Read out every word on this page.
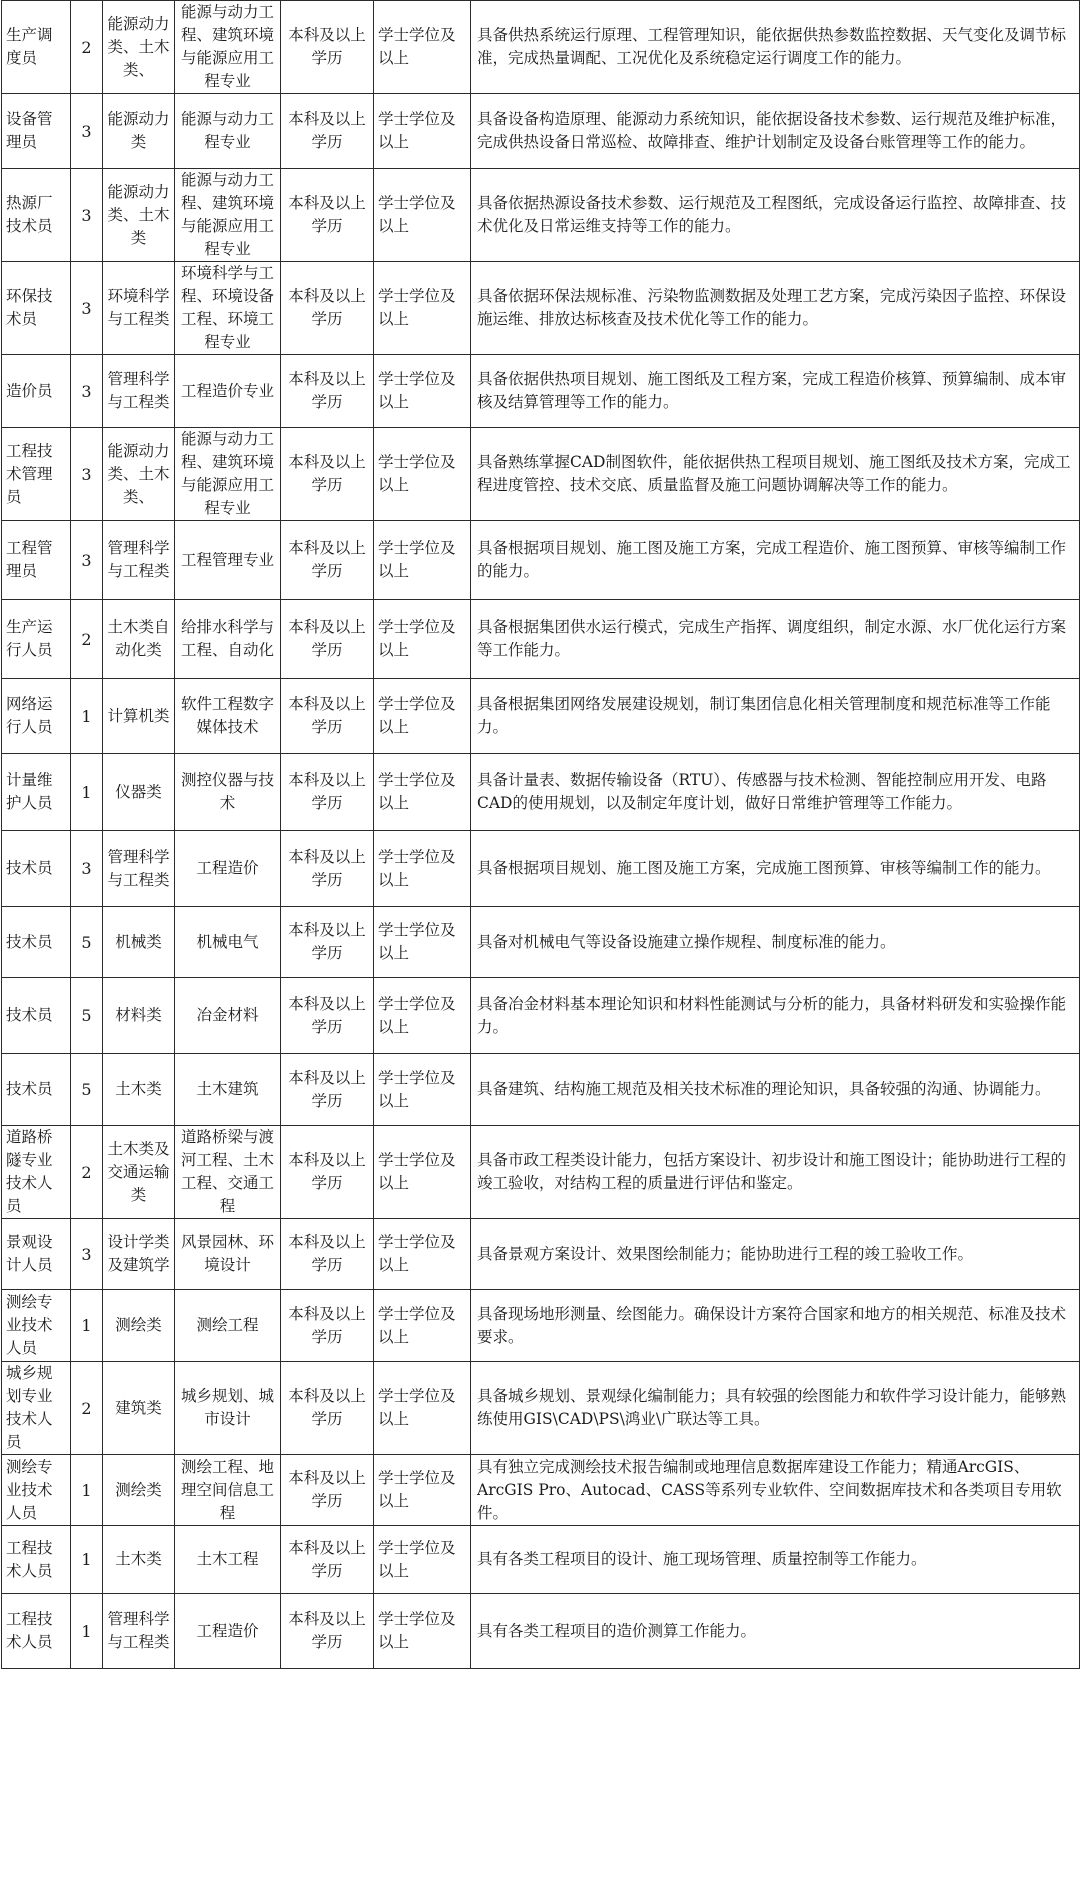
生产调度员	2	能源动力类、土木类、	能源与动力工程、建筑环境与能源应用工程专业	本科及以上学历	学士学位及以上	具备供热系统运行原理、工程管理知识，能依据供热参数监控数据、天气变化及调节标准，完成热量调配、工况优化及系统稳定运行调度工作的能力。
设备管理员	3	能源动力类	能源与动力工程专业	本科及以上学历	学士学位及以上	具备设备构造原理、能源动力系统知识，能依据设备技术参数、运行规范及维护标准，完成供热设备日常巡检、故障排查、维护计划制定及设备台账管理等工作的能力。
热源厂技术员	3	能源动力类、土木类	能源与动力工程、建筑环境与能源应用工程专业	本科及以上学历	学士学位及以上	具备依据热源设备技术参数、运行规范及工程图纸，完成设备运行监控、故障排查、技术优化及日常运维支持等工作的能力。
环保技术员	3	环境科学与工程类	环境科学与工程、环境设备工程、环境工程专业	本科及以上学历	学士学位及以上	具备依据环保法规标准、污染物监测数据及处理工艺方案，完成污染因子监控、环保设施运维、排放达标核查及技术优化等工作的能力。
造价员	3	管理科学与工程类	工程造价专业	本科及以上学历	学士学位及以上	具备依据供热项目规划、施工图纸及工程方案，完成工程造价核算、预算编制、成本审核及结算管理等工作的能力。
工程技术管理员	3	能源动力类、土木类、	能源与动力工程、建筑环境与能源应用工程专业	本科及以上学历	学士学位及以上	具备熟练掌握CAD制图软件，能依据供热工程项目规划、施工图纸及技术方案，完成工程进度管控、技术交底、质量监督及施工问题协调解决等工作的能力。
工程管理员	3	管理科学与工程类	工程管理专业	本科及以上学历	学士学位及以上	具备根据项目规划、施工图及施工方案，完成工程造价、施工图预算、审核等编制工作的能力。
生产运行人员	2	土木类自动化类	给排水科学与工程、自动化	本科及以上学历	学士学位及以上	具备根据集团供水运行模式，完成生产指挥、调度组织，制定水源、水厂优化运行方案等工作能力。
网络运行人员	1	计算机类	软件工程数字媒体技术	本科及以上学历	学士学位及以上	具备根据集团网络发展建设规划，制订集团信息化相关管理制度和规范标准等工作能力。
计量维护人员	1	仪器类	测控仪器与技术	本科及以上学历	学士学位及以上	具备计量表、数据传输设备（RTU）、传感器与技术检测、智能控制应用开发、电路CAD的使用规划，以及制定年度计划，做好日常维护管理等工作能力。
技术员	3	管理科学与工程类	工程造价	本科及以上学历	学士学位及以上	具备根据项目规划、施工图及施工方案，完成施工图预算、审核等编制工作的能力。
技术员	5	机械类	机械电气	本科及以上学历	学士学位及以上	具备对机械电气等设备设施建立操作规程、制度标准的能力。
技术员	5	材料类	冶金材料	本科及以上学历	学士学位及以上	具备冶金材料基本理论知识和材料性能测试与分析的能力，具备材料研发和实验操作能力。
技术员	5	土木类	土木建筑	本科及以上学历	学士学位及以上	具备建筑、结构施工规范及相关技术标准的理论知识，具备较强的沟通、协调能力。
道路桥隧专业技术人员	2	土木类及交通运输类	道路桥梁与渡河工程、土木工程、交通工程	本科及以上学历	学士学位及以上	具备市政工程类设计能力，包括方案设计、初步设计和施工图设计；能协助进行工程的竣工验收，对结构工程的质量进行评估和鉴定。
景观设计人员	3	设计学类及建筑学	风景园林、环境设计	本科及以上学历	学士学位及以上	具备景观方案设计、效果图绘制能力；能协助进行工程的竣工验收工作。
测绘专业技术人员	1	测绘类	测绘工程	本科及以上学历	学士学位及以上	具备现场地形测量、绘图能力。确保设计方案符合国家和地方的相关规范、标准及技术要求。
城乡规划专业技术人员	2	建筑类	城乡规划、城市设计	本科及以上学历	学士学位及以上	具备城乡规划、景观绿化编制能力；具有较强的绘图能力和软件学习设计能力，能够熟练使用GIS\CAD\PS\鸿业\广联达等工具。
测绘专业技术人员	1	测绘类	测绘工程、地理空间信息工程	本科及以上学历	学士学位及以上	具有独立完成测绘技术报告编制或地理信息数据库建设工作能力；精通ArcGIS、ArcGIS Pro、Autocad、CASS等系列专业软件、空间数据库技术和各类项目专用软件。
工程技术人员	1	土木类	土木工程	本科及以上学历	学士学位及以上	具有各类工程项目的设计、施工现场管理、质量控制等工作能力。
工程技术人员	1	管理科学与工程类	工程造价	本科及以上学历	学士学位及以上	具有各类工程项目的造价测算工作能力。
